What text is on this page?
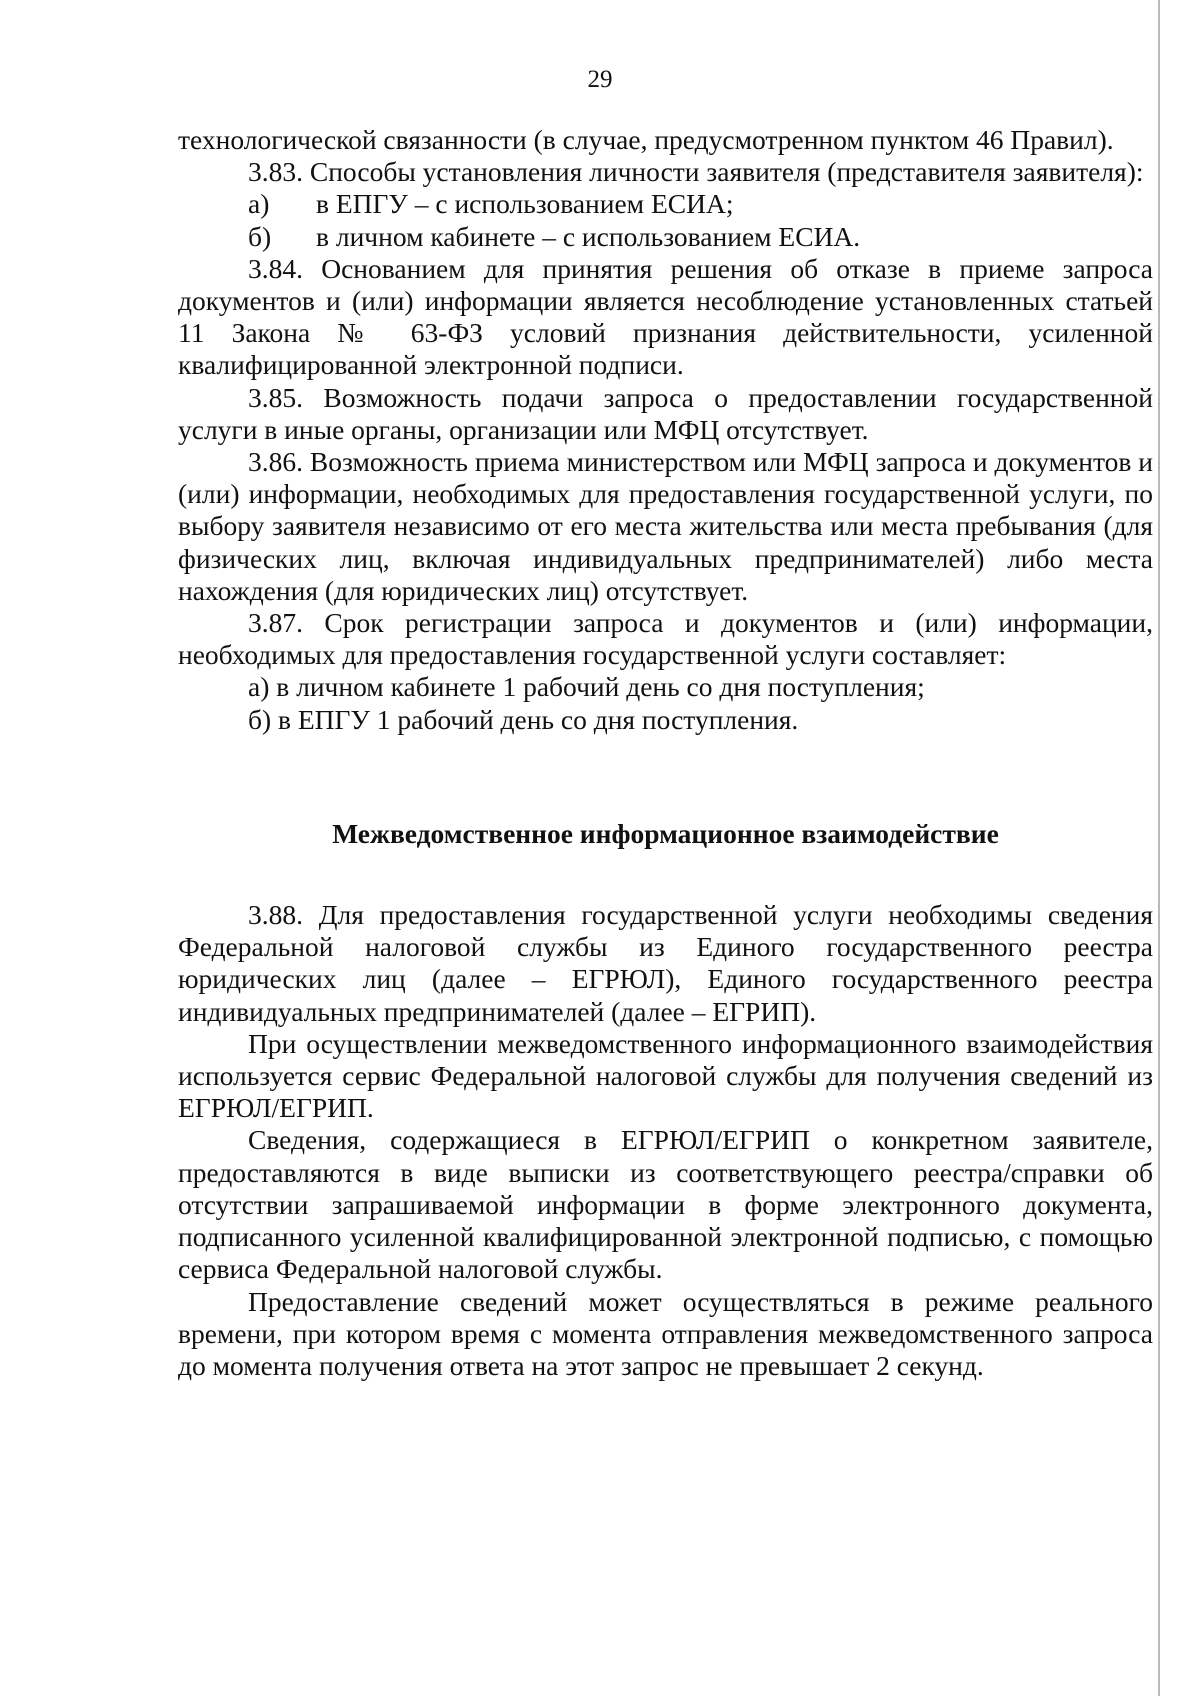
29

технологической связанности (в случае, предусмотренном пунктом 46 Правил).

3.83. Способы установления личности заявителя (представителя заявителя):

а)	в ЕПГУ – с использованием ЕСИА;
б)	в личном кабинете – с использованием ЕСИА.

3.84. Основанием для принятия решения об отказе в приеме запроса документов и (или) информации является несоблюдение установленных статьей 11 Закона № 63-ФЗ условий признания действительности, усиленной квалифицированной электронной подписи.

3.85. Возможность подачи запроса о предоставлении государственной услуги в иные органы, организации или МФЦ отсутствует.

3.86. Возможность приема министерством или МФЦ запроса и документов и (или) информации, необходимых для предоставления государственной услуги, по выбору заявителя независимо от его места жительства или места пребывания (для физических лиц, включая индивидуальных предпринимателей) либо места нахождения (для юридических лиц) отсутствует.

3.87. Срок регистрации запроса и документов и (или) информации, необходимых для предоставления государственной услуги составляет:

а) в личном кабинете 1 рабочий день со дня поступления;

б) в ЕПГУ 1 рабочий день со дня поступления.

Межведомственное информационное взаимодействие

3.88. Для предоставления государственной услуги необходимы сведения Федеральной налоговой службы из Единого государственного реестра юридических лиц (далее – ЕГРЮЛ), Единого государственного реестра индивидуальных предпринимателей (далее – ЕГРИП).

При осуществлении межведомственного информационного взаимодействия используется сервис Федеральной налоговой службы для получения сведений из ЕГРЮЛ/ЕГРИП.

Сведения, содержащиеся в ЕГРЮЛ/ЕГРИП о конкретном заявителе, предоставляются в виде выписки из соответствующего реестра/справки об отсутствии запрашиваемой информации в форме электронного документа, подписанного усиленной квалифицированной электронной подписью, с помощью сервиса Федеральной налоговой службы.

Предоставление сведений может осуществляться в режиме реального времени, при котором время с момента отправления межведомственного запроса до момента получения ответа на этот запрос не превышает 2 секунд.
